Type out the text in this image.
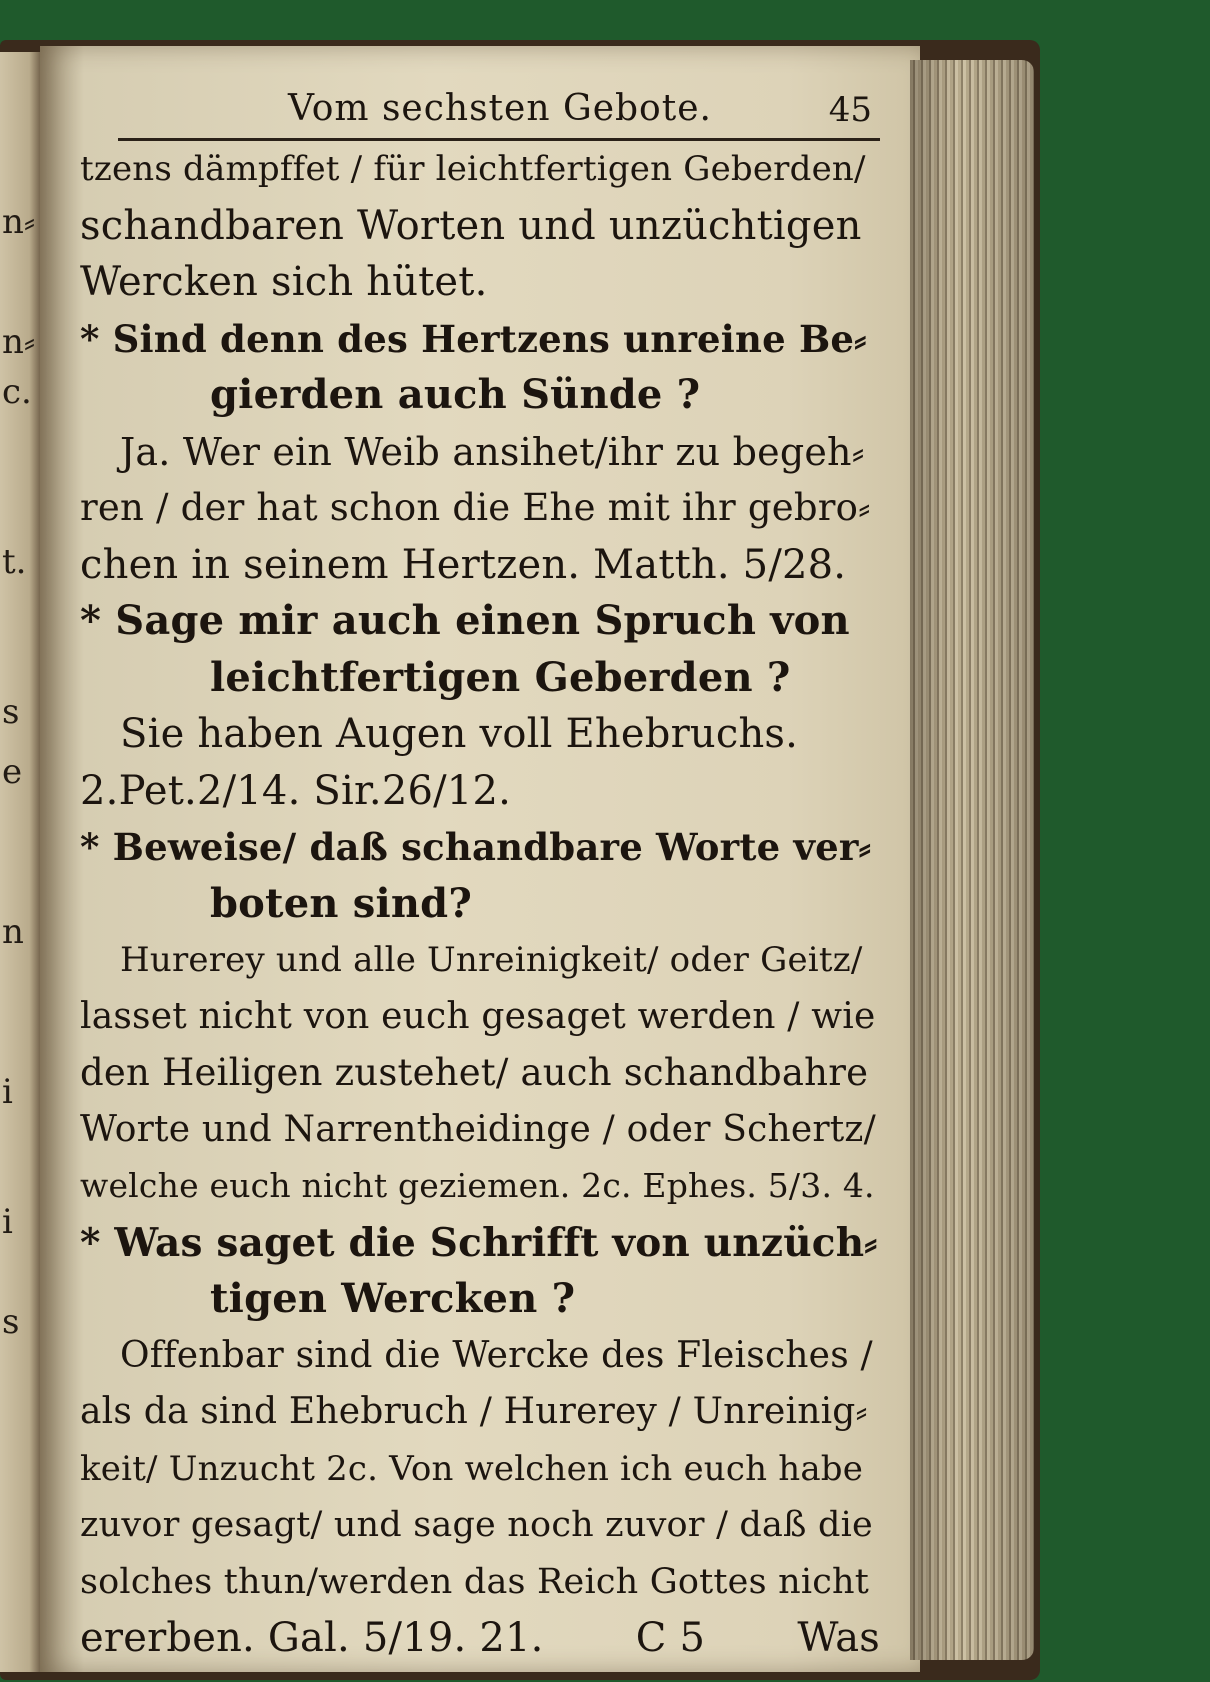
n⸗
n⸗
c.
t.
s
e
n
i
i
s
Vom sechsten Gebote.	45
tzens dämpffet / für leichtfertigen Geberden/
schandbaren Worten und unzüchtigen
Wercken sich hütet.
* Sind denn des Hertzens unreine Be⸗
gierden auch Sünde ?
Ja. Wer ein Weib ansihet/ihr zu begeh⸗
ren / der hat schon die Ehe mit ihr gebro⸗
chen in seinem Hertzen. Matth. 5/28.
* Sage mir auch einen Spruch von
leichtfertigen Geberden ?
Sie haben Augen voll Ehebruchs.
2.Pet.2/14. Sir.26/12.
* Beweise/ daß schandbare Worte ver⸗
boten sind?
Hurerey und alle Unreinigkeit/ oder Geitz/
lasset nicht von euch gesaget werden / wie
den Heiligen zustehet/ auch schandbahre
Worte und Narrentheidinge / oder Schertz/
welche euch nicht geziemen. 2c. Ephes. 5/3. 4.
* Was saget die Schrifft von unzüch⸗
tigen Wercken ?
Offenbar sind die Wercke des Fleisches /
als da sind Ehebruch / Hurerey / Unreinig⸗
keit/ Unzucht 2c. Von welchen ich euch habe
zuvor gesagt/ und sage noch zuvor / daß die
solches thun/werden das Reich Gottes nicht
ererben. Gal. 5/19. 21. C 5 Was
